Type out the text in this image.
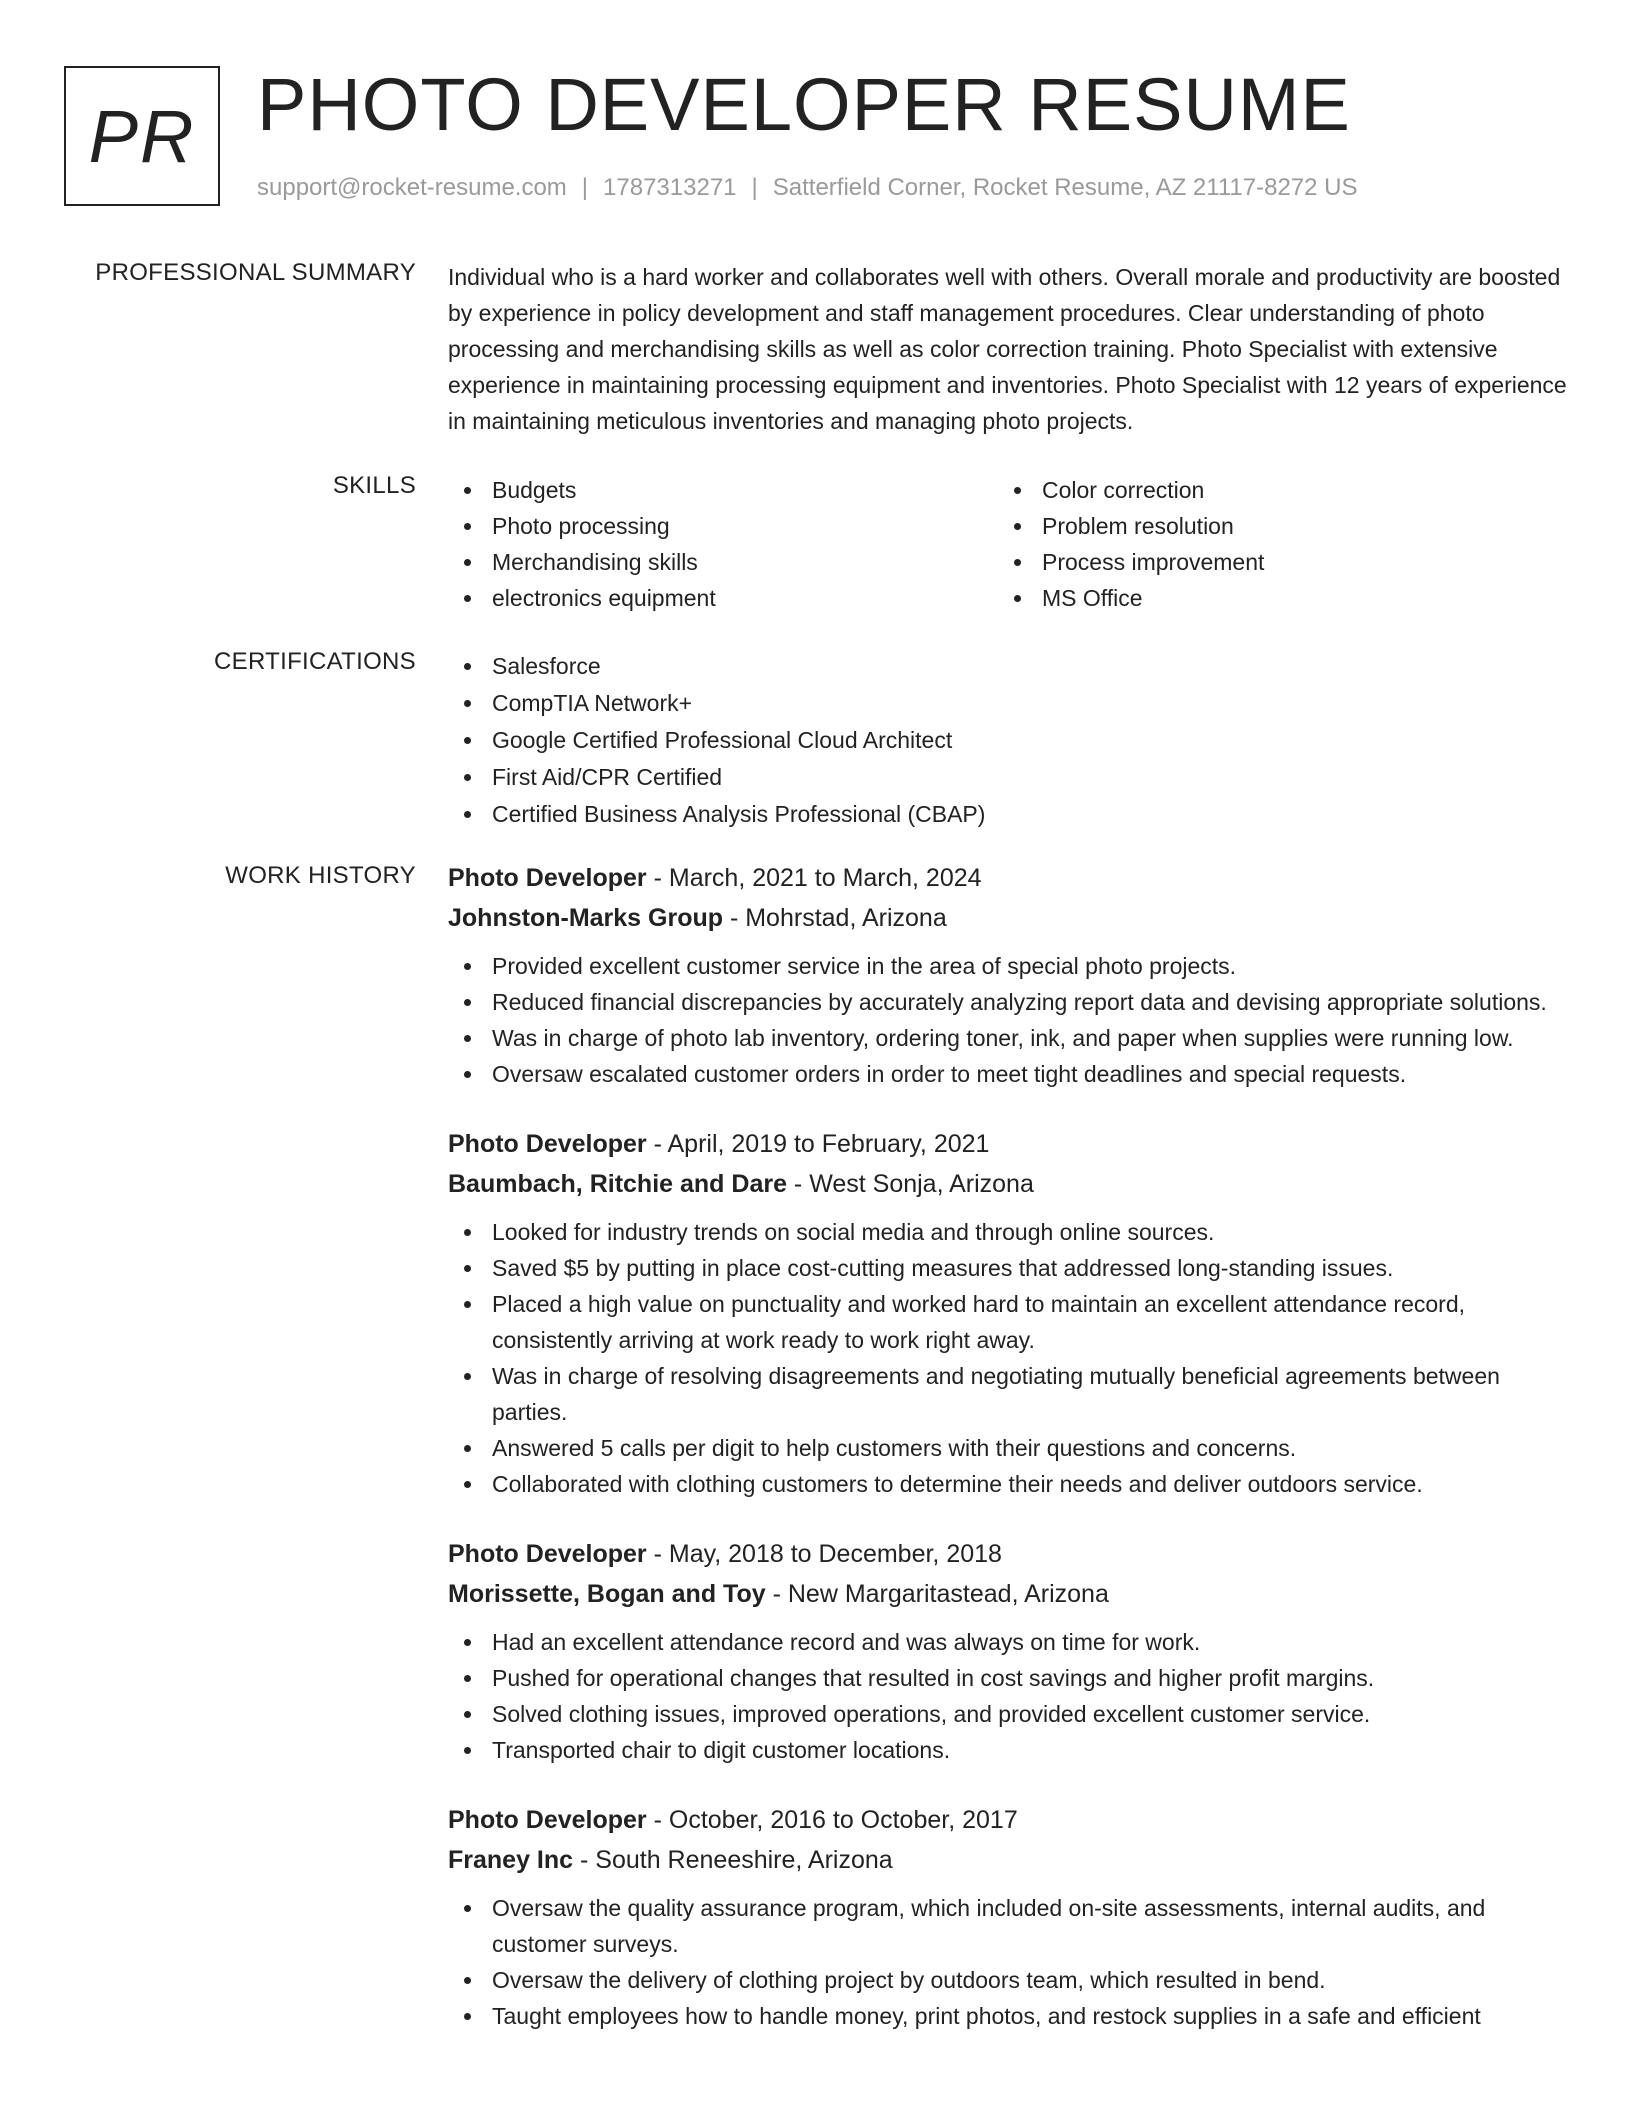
PR PHOTO DEVELOPER RESUME
support@rocket-resume.com | 1787313271 | Satterfield Corner, Rocket Resume, AZ 21117-8272 US
PROFESSIONAL SUMMARY Individual who is a hard worker and collaborates well with others. Overall morale and productivity are boosted by experience in policy development and staff management procedures. Clear understanding of photo processing and merchandising skills as well as color correction training. Photo Specialist with extensive experience in maintaining processing equipment and inventories. Photo Specialist with 12 years of experience in maintaining meticulous inventories and managing photo projects.

SKILLS	Budgets
Photo processing
Merchandising skills
electronics equipment
Color correction
Problem resolution
Process improvement
MS Office
CERTIFICATIONS	Salesforce
CompTIA Network+
Google Certified Professional Cloud Architect
First Aid/CPR Certified
Certified Business Analysis Professional (CBAP)
WORK HISTORY Photo Developer - March, 2021 to March, 2024
Johnston-Marks Group - Mohrstad, Arizona
Provided excellent customer service in the area of special photo projects.
Reduced financial discrepancies by accurately analyzing report data and devising appropriate solutions.
Was in charge of photo lab inventory, ordering toner, ink, and paper when supplies were running low.
Oversaw escalated customer orders in order to meet tight deadlines and special requests.
Photo Developer - April, 2019 to February, 2021
Baumbach, Ritchie and Dare - West Sonja, Arizona
Looked for industry trends on social media and through online sources.
Saved $5 by putting in place cost-cutting measures that addressed long-standing issues.
Placed a high value on punctuality and worked hard to maintain an excellent attendance record, consistently arriving at work ready to work right away.
Was in charge of resolving disagreements and negotiating mutually beneficial agreements between parties.
Answered 5 calls per digit to help customers with their questions and concerns.
Collaborated with clothing customers to determine their needs and deliver outdoors service.
Photo Developer - May, 2018 to December, 2018
Morissette, Bogan and Toy - New Margaritastead, Arizona
Had an excellent attendance record and was always on time for work.
Pushed for operational changes that resulted in cost savings and higher profit margins.
Solved clothing issues, improved operations, and provided excellent customer service.
Transported chair to digit customer locations.
Photo Developer - October, 2016 to October, 2017
Franey Inc - South Reneeshire, Arizona
Oversaw the quality assurance program, which included on-site assessments, internal audits, and customer surveys.
Oversaw the delivery of clothing project by outdoors team, which resulted in bend.
Taught employees how to handle money, print photos, and restock supplies in a safe and efficient
